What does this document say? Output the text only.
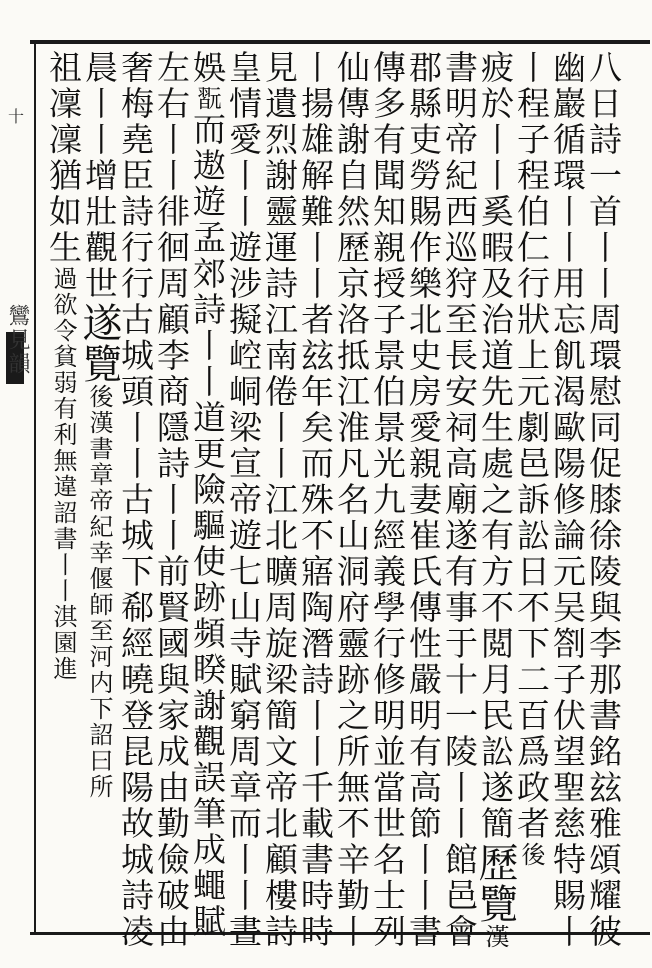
十
鸞見韻	八日詩一首丨丨周環慰同促膝徐陵與李那書銘玆雅頌耀彼
幽巖循環丨丨用忘飢渴歐陽修論元吴劄子伏望聖慈特賜丨
丨程子程伯仁行狀上元劇邑訴訟日不下二百爲政者後
疲於丨丨奚暇及治道先生處之有方不閲月民訟遂簡歷覽漢
書明帝紀西巡狩至長安祠高廟遂有事于十一陵丨丨館邑會
郡縣吏勞賜作樂北史房愛親妻崔氏傳性嚴明有高節丨丨書
傳多有聞知親授子景伯景光九經義學行修明並當世名士列
仙傳謝自然歷京洛抵江淮凡名山洞府靈跡之所無不辛勤丨
丨揚雄解難丨丨者玆年矣而殊不寤陶潛詩丨丨千載書時時
見遺烈謝靈運詩江南倦丨丨江北曠周旋梁簡文帝北顧樓詩
皇情愛丨丨遊涉擬崆峒梁宣帝遊七山寺賦窮周章而丨丨晝
娛翫而遨遊孟郊詩丨丨道更險驅使跡頻睽謝觀誤筆成蠅賦
左右丨丨徘徊周顧李商隱詩丨丨前賢國與家成由勤儉破由
奢梅堯臣詩行行古城頭丨丨古城下郗經曉登昆陽故城詩凌
晨丨丨增壯觀世遂覽後漢書章帝紀幸偃師至河内下詔曰所
祖凜凜猶如生過欲令貧弱有利無違詔書丨丨淇園進
